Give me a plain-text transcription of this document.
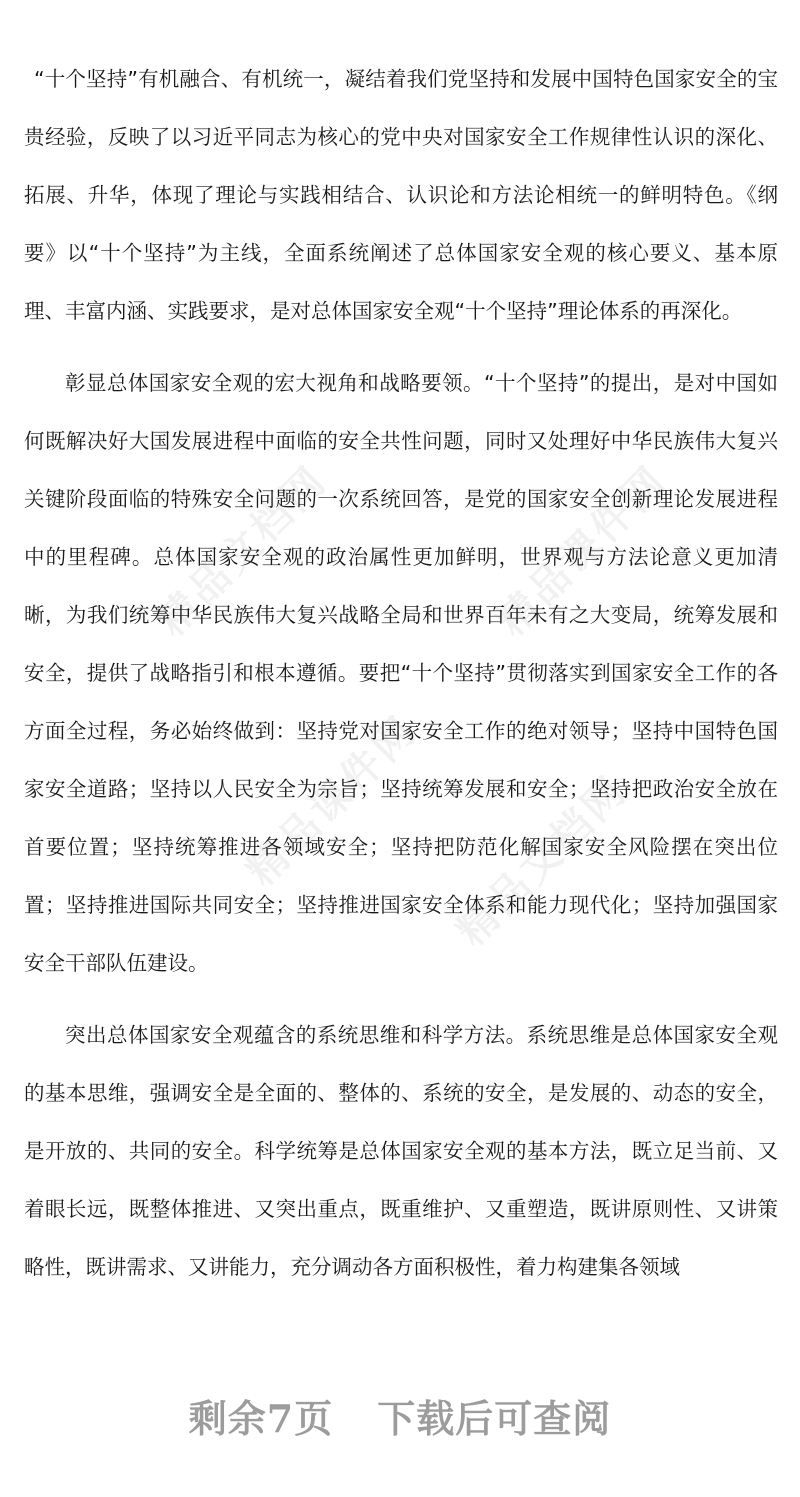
精品文档网	精品课件网
精品课件网 精品文档网

“十个坚持”有机融合、有机统一，凝结着我们党坚持和发展中国特色国家安全的宝贵经验，反映了以习近平同志为核心的党中央对国家安全工作规律性认识的深化、拓展、升华，体现了理论与实践相结合、认识论和方法论相统一的鲜明特色。《纲要》以“十个坚持”为主线，全面系统阐述了总体国家安全观的核心要义、基本原理、丰富内涵、实践要求，是对总体国家安全观“十个坚持”理论体系的再深化。

彰显总体国家安全观的宏大视角和战略要领。“十个坚持”的提出，是对中国如何既解决好大国发展进程中面临的安全共性问题，同时又处理好中华民族伟大复兴关键阶段面临的特殊安全问题的一次系统回答，是党的国家安全创新理论发展进程中的里程碑。总体国家安全观的政治属性更加鲜明，世界观与方法论意义更加清晰，为我们统筹中华民族伟大复兴战略全局和世界百年未有之大变局，统筹发展和安全，提供了战略指引和根本遵循。要把“十个坚持”贯彻落实到国家安全工作的各方面全过程，务必始终做到：坚持党对国家安全工作的绝对领导；坚持中国特色国家安全道路；坚持以人民安全为宗旨；坚持统筹发展和安全；坚持把政治安全放在首要位置；坚持统筹推进各领域安全；坚持把防范化解国家安全风险摆在突出位置；坚持推进国际共同安全；坚持推进国家安全体系和能力现代化；坚持加强国家安全干部队伍建设。

突出总体国家安全观蕴含的系统思维和科学方法。系统思维是总体国家安全观的基本思维，强调安全是全面的、整体的、系统的安全，是发展的、动态的安全，是开放的、共同的安全。科学统筹是总体国家安全观的基本方法，既立足当前、又着眼长远，既整体推进、又突出重点，既重维护、又重塑造，既讲原则性、又讲策略性，既讲需求、又讲能力，充分调动各方面积极性，着力构建集各领域

剩余7页 下载后可查阅
